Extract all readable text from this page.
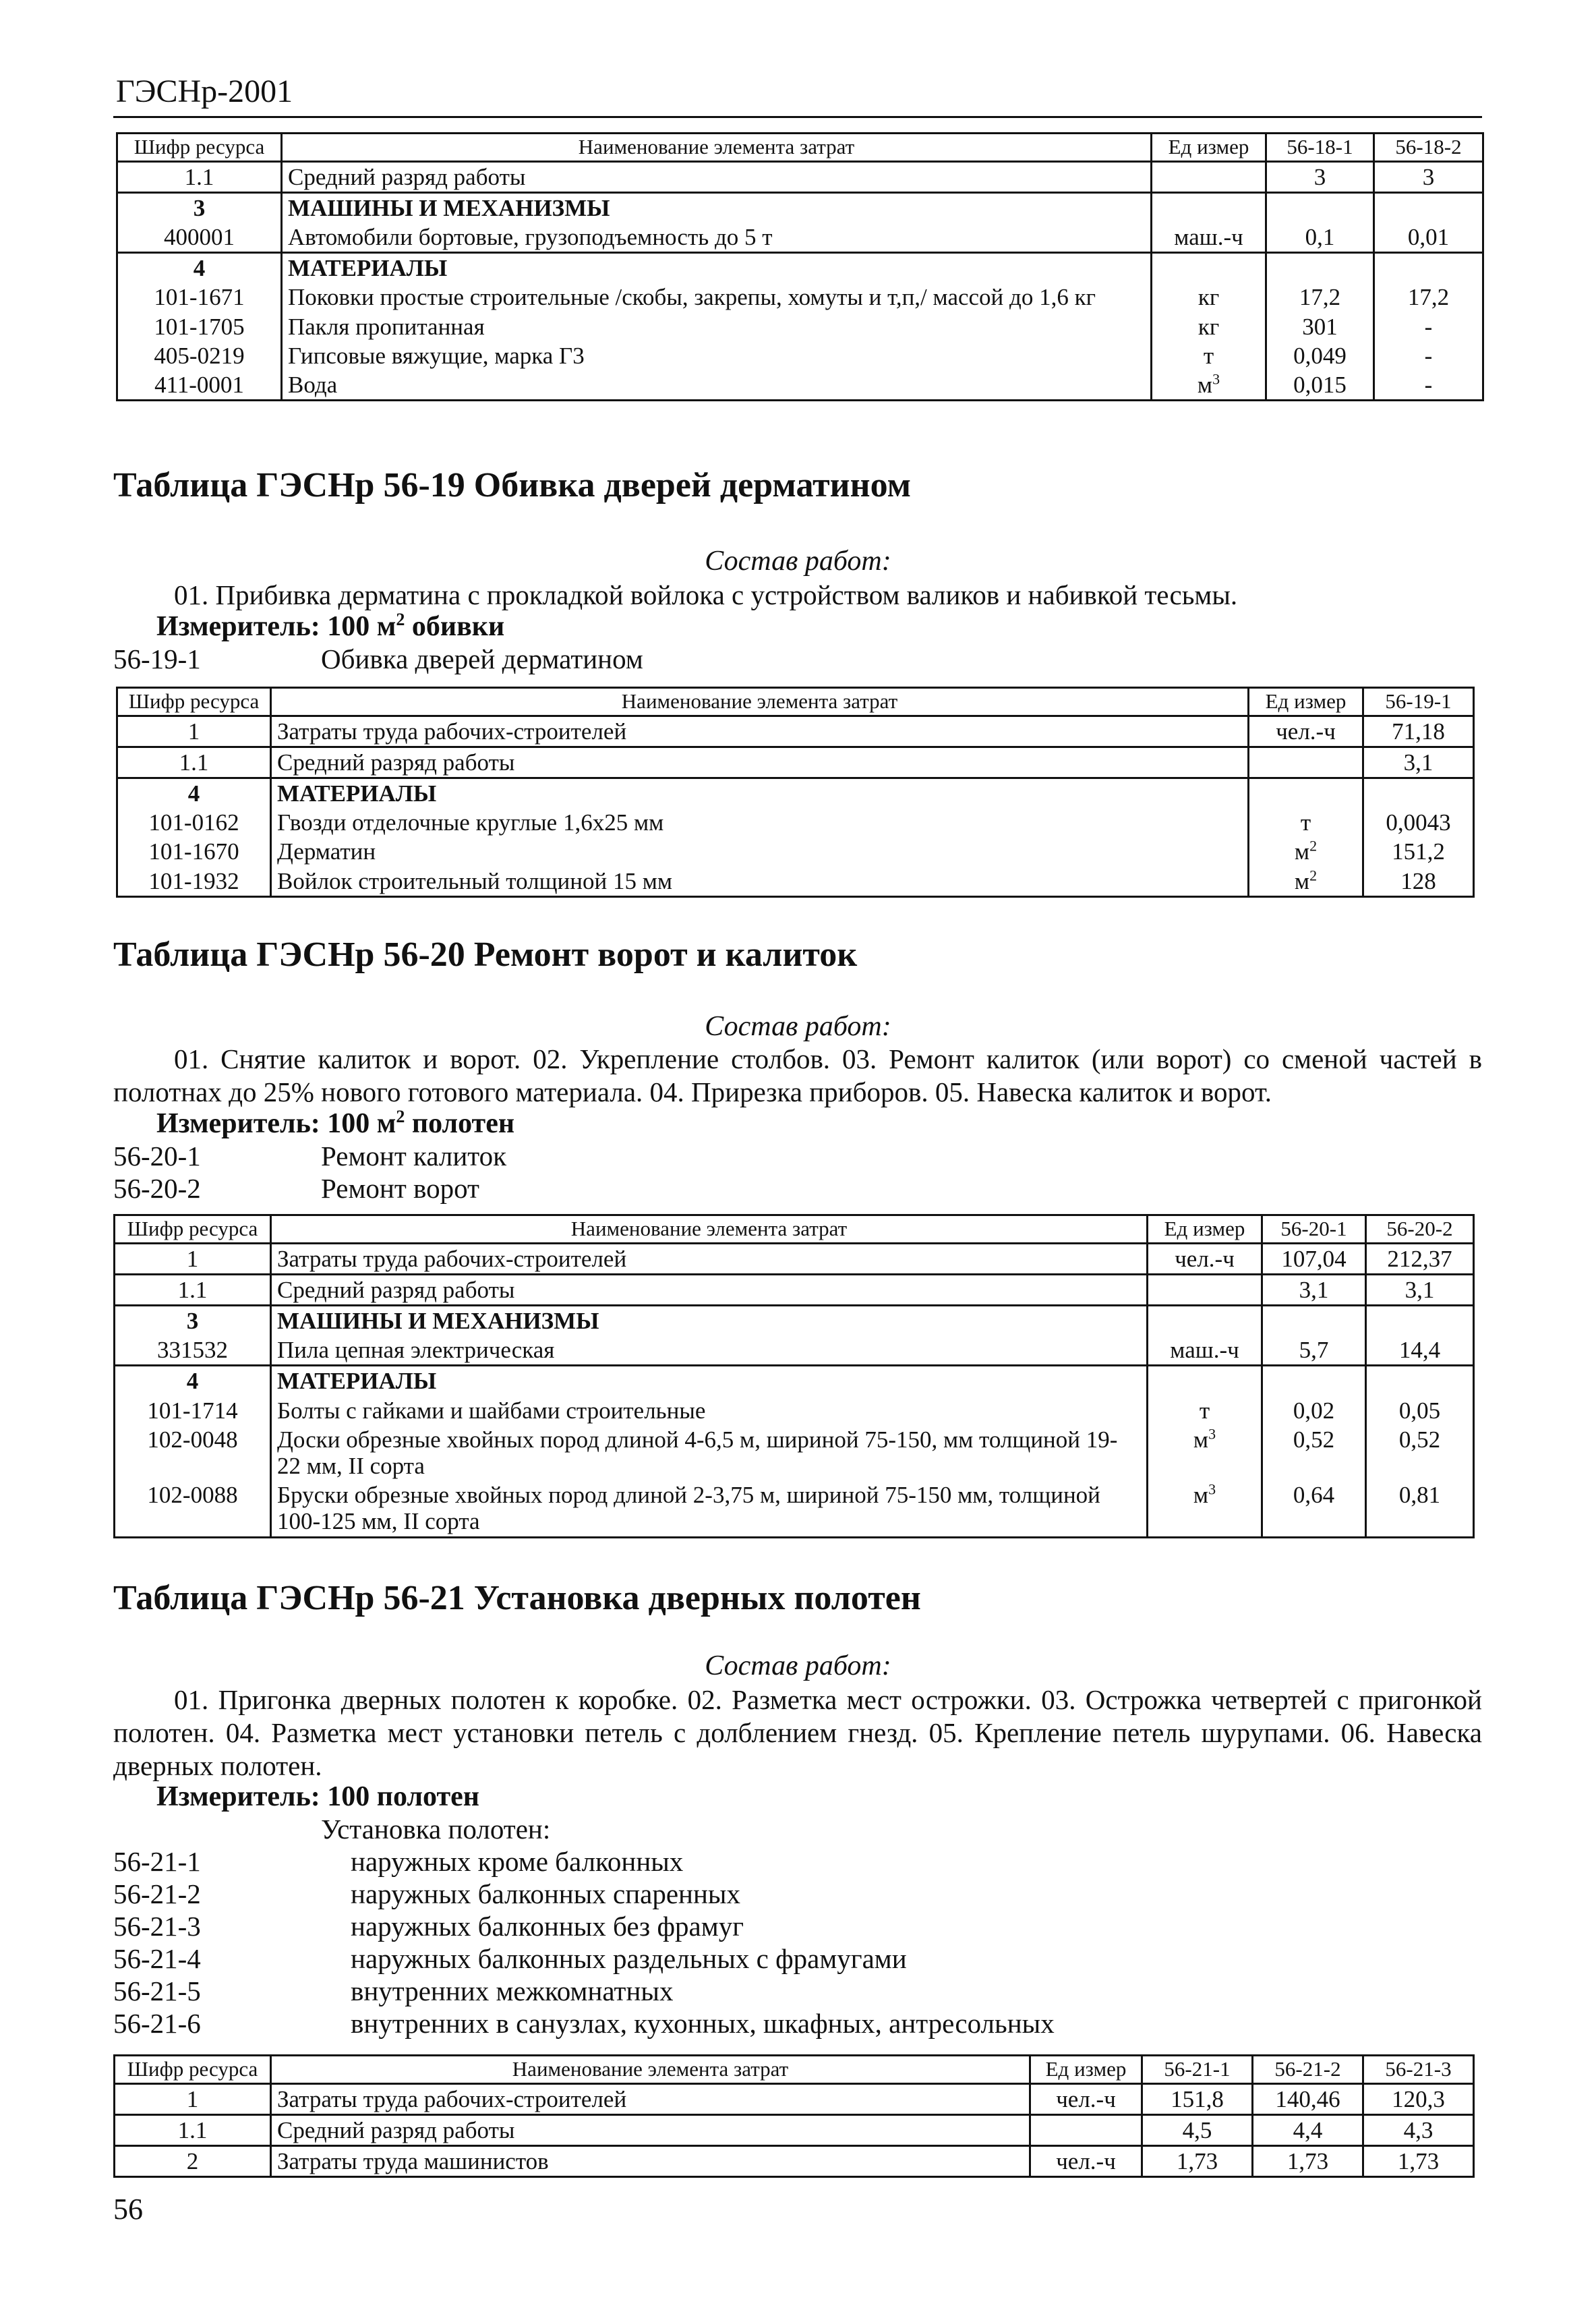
ГЭСНр-2001
Шифр ресурса	Наименование элемента затрат	Ед измер	56-18-1	56-18-2
1.1	Средний разряд работы		3	3
3	МАШИНЫ И МЕХАНИЗМЫ			
400001	Автомобили бортовые, грузоподъемность до 5 т	маш.-ч	0,1	0,01
4	МАТЕРИАЛЫ			
101-1671	Поковки простые строительные /скобы, закрепы, хомуты и т,п,/ массой до 1,6 кг	кг	17,2	17,2
101-1705	Пакля пропитанная	кг	301	-
405-0219	Гипсовые вяжущие, марка Г3	т	0,049	-
411-0001	Вода	$м^3$	0,015	-
Таблица ГЭСНр 56-19 Обивка дверей дерматином
Состав работ:
01. Прибивка дерматина с прокладкой войлока с устройством валиков и набивкой тесьмы.
Измеритель: 100 $м^2$ обивки
56-19-1	Обивка дверей дерматином
Шифр ресурса	Наименование элемента затрат	Ед измер	56-19-1
1	Затраты труда рабочих-строителей	чел.-ч	71,18
1.1	Средний разряд работы		3,1
4	МАТЕРИАЛЫ		
101-0162	Гвозди отделочные круглые 1,6х25 мм	т	0,0043
101-1670	Дерматин	$м^2$	151,2
101-1932	Войлок строительный толщиной 15 мм	$м^2$	128
Таблица ГЭСНр 56-20 Ремонт ворот и калиток
Состав работ:
01. Снятие калиток и ворот. 02. Укрепление столбов. 03. Ремонт калиток (или ворот) со сменой частей в полотнах до 25% нового готового материала. 04. Прирезка приборов. 05. Навеска калиток и ворот.
Измеритель: 100 $м^2$ полотен
56-20-1	Ремонт калиток
56-20-2	Ремонт ворот
Шифр ресурса	Наименование элемента затрат	Ед измер	56-20-1	56-20-2
1	Затраты труда рабочих-строителей	чел.-ч	107,04	212,37
1.1	Средний разряд работы		3,1	3,1
3	МАШИНЫ И МЕХАНИЗМЫ			
331532	Пила цепная электрическая	маш.-ч	5,7	14,4
4	МАТЕРИАЛЫ			
101-1714	Болты с гайками и шайбами строительные	т	0,02	0,05
102-0048	Доски обрезные хвойных пород длиной 4-6,5 м, шириной 75-150, мм толщиной 19-22 мм, II сорта	$м^3$	0,52	0,52
102-0088	Бруски обрезные хвойных пород длиной 2-3,75 м, шириной 75-150 мм, толщиной 100-125 мм, II сорта	$м^3$	0,64	0,81
Таблица ГЭСНр 56-21 Установка дверных полотен
Состав работ:
01. Пригонка дверных полотен к коробке. 02. Разметка мест острожки. 03. Острожка четвертей с пригонкой полотен. 04. Разметка мест установки петель с долблением гнезд. 05. Крепление петель шурупами. 06. Навеска дверных полотен.
Измеритель: 100 полотен
Установка полотен:
56-21-1	наружных кроме балконных
56-21-2	наружных балконных спаренных
56-21-3	наружных балконных без фрамуг
56-21-4	наружных балконных раздельных с фрамугами
56-21-5	внутренних межкомнатных
56-21-6	внутренних в санузлах, кухонных, шкафных, антресольных
Шифр ресурса	Наименование элемента затрат	Ед измер	56-21-1	56-21-2	56-21-3
1	Затраты труда рабочих-строителей	чел.-ч	151,8	140,46	120,3
1.1	Средний разряд работы		4,5	4,4	4,3
2	Затраты труда машинистов	чел.-ч	1,73	1,73	1,73
56
